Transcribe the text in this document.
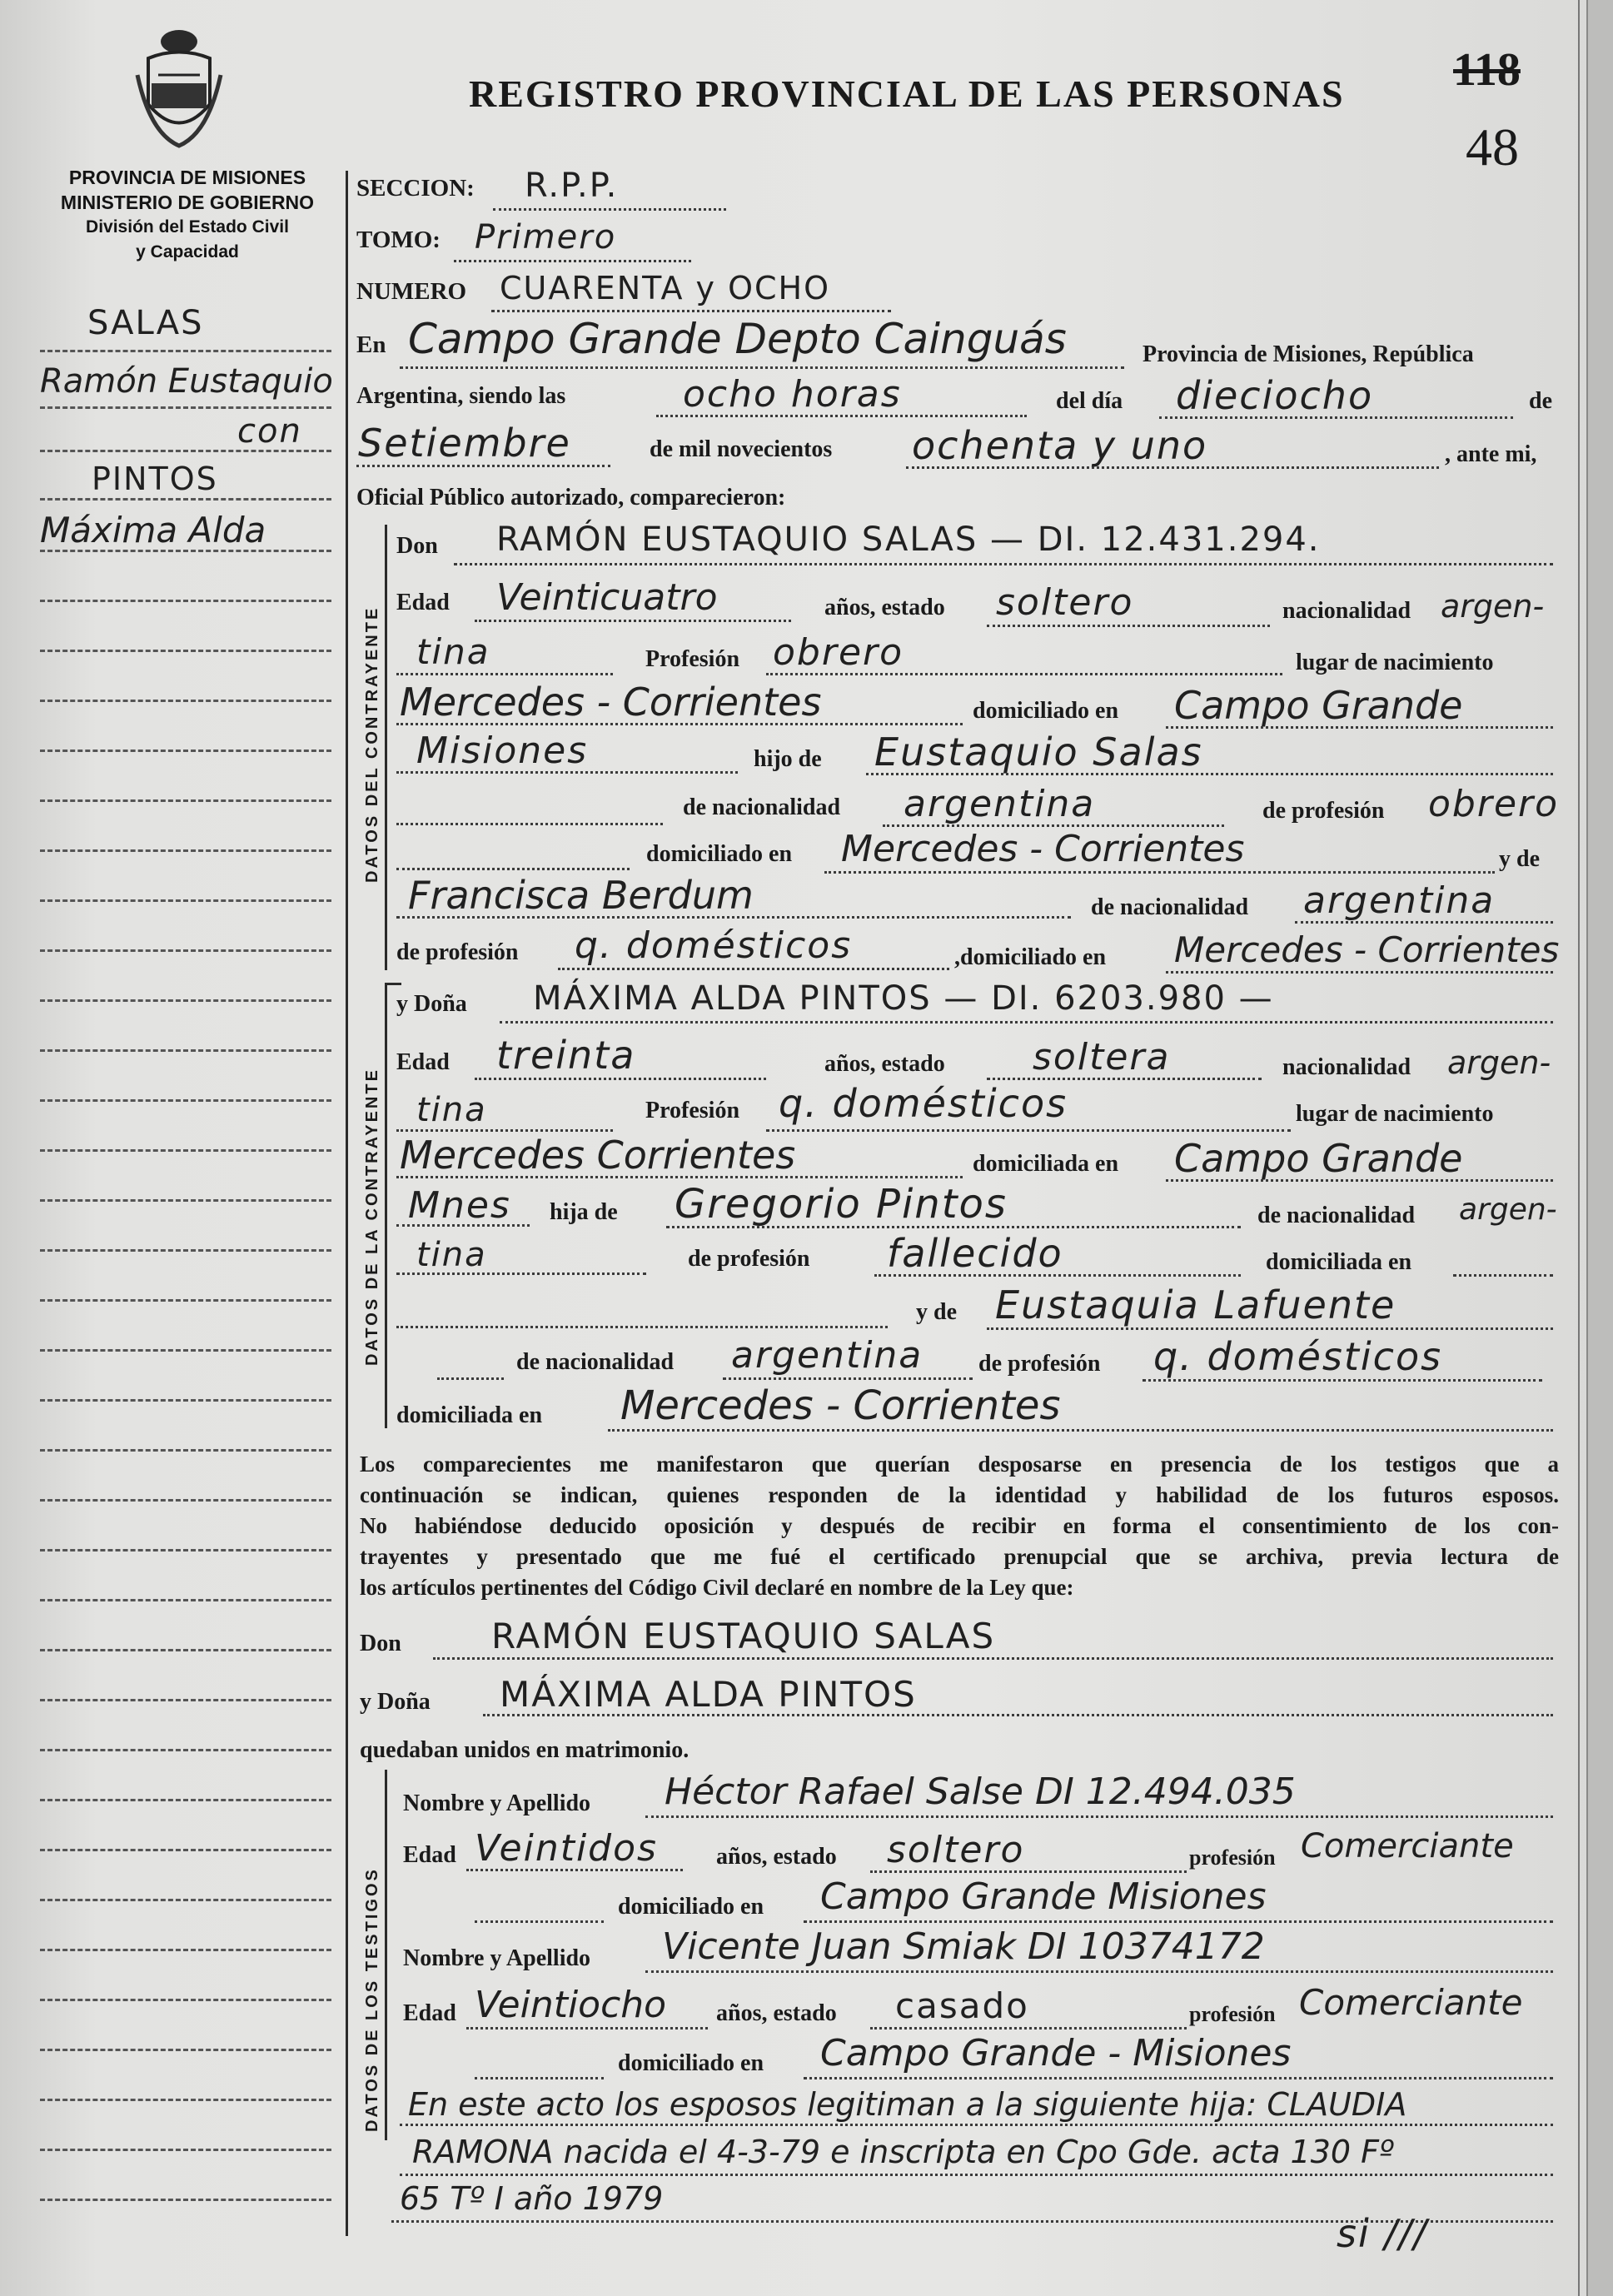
REGISTRO PROVINCIAL DE LAS PERSONAS 118
48
PROVINCIA DE MISIONES
MINISTERIO DE GOBIERNO
División del Estado Civil
y Capacidad
SALAS
Ramón Eustaquio
con
PINTOS
Máxima Alda
SECCION: R.P.P.
TOMO: Primero
NUMERO CUARENTA y OCHO
En Campo Grande Depto Cainguás	Provincia de Misiones, República
Argentina, siendo las	ocho horas	del día dieciocho	de
Setiembre	de mil novecientos ochenta y uno	, ante mi,
Oficial Público autorizado, comparecieron:
DATOS DEL CONTRAYENTE
Don RAMÓN EUSTAQUIO SALAS — DI. 12.431.294.
Edad Veinticuatro	años, estado soltero	nacionalidad argen-
tina	Profesión obrero	lugar de nacimiento
Mercedes - Corrientes	domiciliado en Campo Grande
Misiones	hijo de Eustaquio Salas
de nacionalidad argentina	de profesión obrero
domiciliado en Mercedes - Corrientes	y de
Francisca Berdum	de nacionalidad argentina
de profesión q. domésticos	,domiciliado en Mercedes - Corrientes
DATOS DE LA CONTRAYENTE
y Doña MÁXIMA ALDA PINTOS — DI. 6203.980 —
Edad treinta	años, estado soltera	nacionalidad argen-
tina	Profesión q. domésticos	lugar de nacimiento
Mercedes Corrientes	domiciliada en Campo Grande
Mnes hija de Gregorio Pintos	de nacionalidad argen-
tina	de profesión fallecido	domiciliada en
y de Eustaquia Lafuente
de nacionalidad argentina de profesión q. domésticos
domiciliada en Mercedes - Corrientes
Los comparecientes me manifestaron que querían desposarse en presencia de los testigos que a
continuación se indican, quienes responden de la identidad y habilidad de los futuros esposos.
No habiéndose deducido oposición y después de recibir en forma el consentimiento de los con-
trayentes y presentado que me fué el certificado prenupcial que se archiva, previa lectura de
los artículos pertinentes del Código Civil declaré en nombre de la Ley que:
Don	RAMÓN EUSTAQUIO SALAS
y Doña MÁXIMA ALDA PINTOS
quedaban unidos en matrimonio.
DATOS DE LOS TESTIGOS
Nombre y Apellido Héctor Rafael Salse DI 12.494.035
Edad Veintidos	años, estado soltero	profesión Comerciante
domiciliado en Campo Grande Misiones
Nombre y Apellido Vicente Juan Smiak DI 10374172
Edad Veintiocho años, estado casado	profesión Comerciante
domiciliado en Campo Grande - Misiones
En este acto los esposos legitiman a la siguiente hija: CLAUDIA
RAMONA nacida el 4-3-79 e inscripta en Cpo Gde. acta 130 Fº
65 Tº I año 1979
si ///
